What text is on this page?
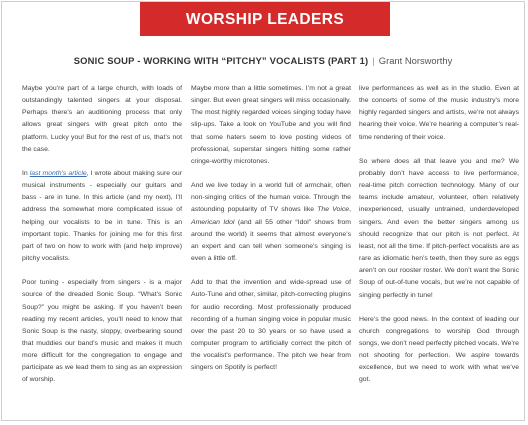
WORSHIP LEADERS
SONIC SOUP - WORKING WITH “PITCHY” VOCALISTS (PART 1) | Grant Norsworthy

Maybe you’re part of a large church, with loads of outstandingly talented singers at your disposal. Perhaps there’s an auditioning process that only allows great singers with great pitch onto the platform. Lucky you! But for the rest of us, that’s not the case.

In last month’s article, I wrote about making sure our musical instruments - especially our guitars and bass - are in tune. In this article (and my next), I’ll address the somewhat more complicated issue of helping our vocalists to be in tune. This is an important topic. Thanks for joining me for this first part of two on how to work with (and help improve) pitchy vocalists.

Poor tuning - especially from singers - is a major source of the dreaded Sonic Soup. “What’s Sonic Soup?” you might be asking. If you haven’t been reading my recent articles, you’ll need to know that Sonic Soup is the nasty, sloppy, overbearing sound that muddies our band’s music and makes it much more difficult for the congregation to engage and participate as we lead them to sing as an expression of worship.

Maybe more than a little sometimes. I’m not a great singer. But even great singers will miss occasionally. The most highly regarded voices singing today have slip-ups. Take a look on YouTube and you will find that some haters seem to love posting videos of professional, superstar singers hitting some rather cringe-worthy microtones.

And we live today in a world full of armchair, often non-singing critics of the human voice. Through the astounding popularity of TV shows like The Voice, American Idol (and all 55 other “Idol” shows from around the world) it seems that almost everyone’s an expert and can tell when someone’s singing is even a little off.

Add to that the invention and wide-spread use of Auto-Tune and other, similar, pitch-correcting plugins for audio recording. Most professionally produced recording of a human singing voice in popular music over the past 20 to 30 years or so have used a computer program to artificially correct the pitch of the vocalist’s performance. The pitch we hear from singers on Spotify is perfect!

live performances as well as in the studio. Even at the concerts of some of the music industry’s more highly regarded singers and artists, we’re not always hearing their voice. We’re hearing a computer’s real-time rendering of their voice.

So where does all that leave you and me? We probably don’t have access to live performance, real-time pitch correction technology. Many of our teams include amateur, volunteer, often relatively inexperienced, usually untrained, underdeveloped singers. And even the better singers among us should recognize that our pitch is not perfect. At least, not all the time. If pitch-perfect vocalists are as rare as idiomatic hen’s teeth, then they sure as eggs aren’t on our rooster roster. We don’t want the Sonic Soup of out-of-tune vocals, but we’re not capable of singing perfectly in tune!

Here’s the good news. In the context of leading our church congregations to worship God through songs, we don’t need perfectly pitched vocals. We’re not shooting for perfection. We aspire towards excellence, but we need to work with what we’ve got.
